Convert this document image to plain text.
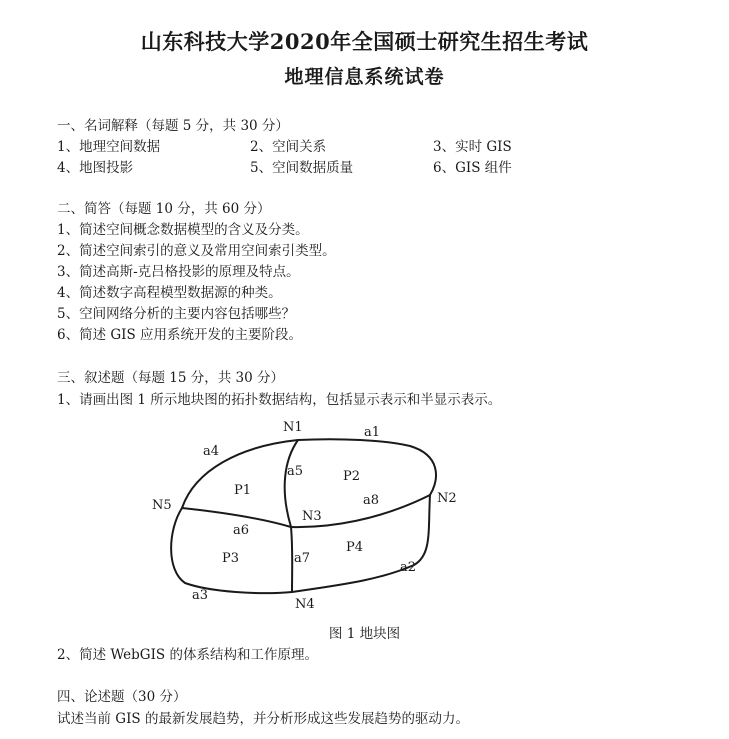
山东科技大学2020年全国硕士研究生招生考试
地理信息系统试卷
一、名词解释（每题 5 分，共 30 分）
1、地理空间数据	2、空间关系	3、实时 GIS
4、地图投影	5、空间数据质量	6、GIS 组件
二、简答（每题 10 分，共 60 分）
1、简述空间概念数据模型的含义及分类。
2、简述空间索引的意义及常用空间索引类型。
3、简述高斯-克吕格投影的原理及特点。
4、简述数字高程模型数据源的种类。
5、空间网络分析的主要内容包括哪些？
6、简述 GIS 应用系统开发的主要阶段。
三、叙述题（每题 15 分，共 30 分）
1、请画出图 1 所示地块图的拓扑数据结构，包括显示表示和半显示表示。
N1
N2
N3
N4
N5
a1
a2
a3
a4
a5
a6
a7
a8
P1
P2
P3
P4
图 1 地块图
2、简述 WebGIS 的体系结构和工作原理。
四、论述题（30 分）
试述当前 GIS 的最新发展趋势，并分析形成这些发展趋势的驱动力。
